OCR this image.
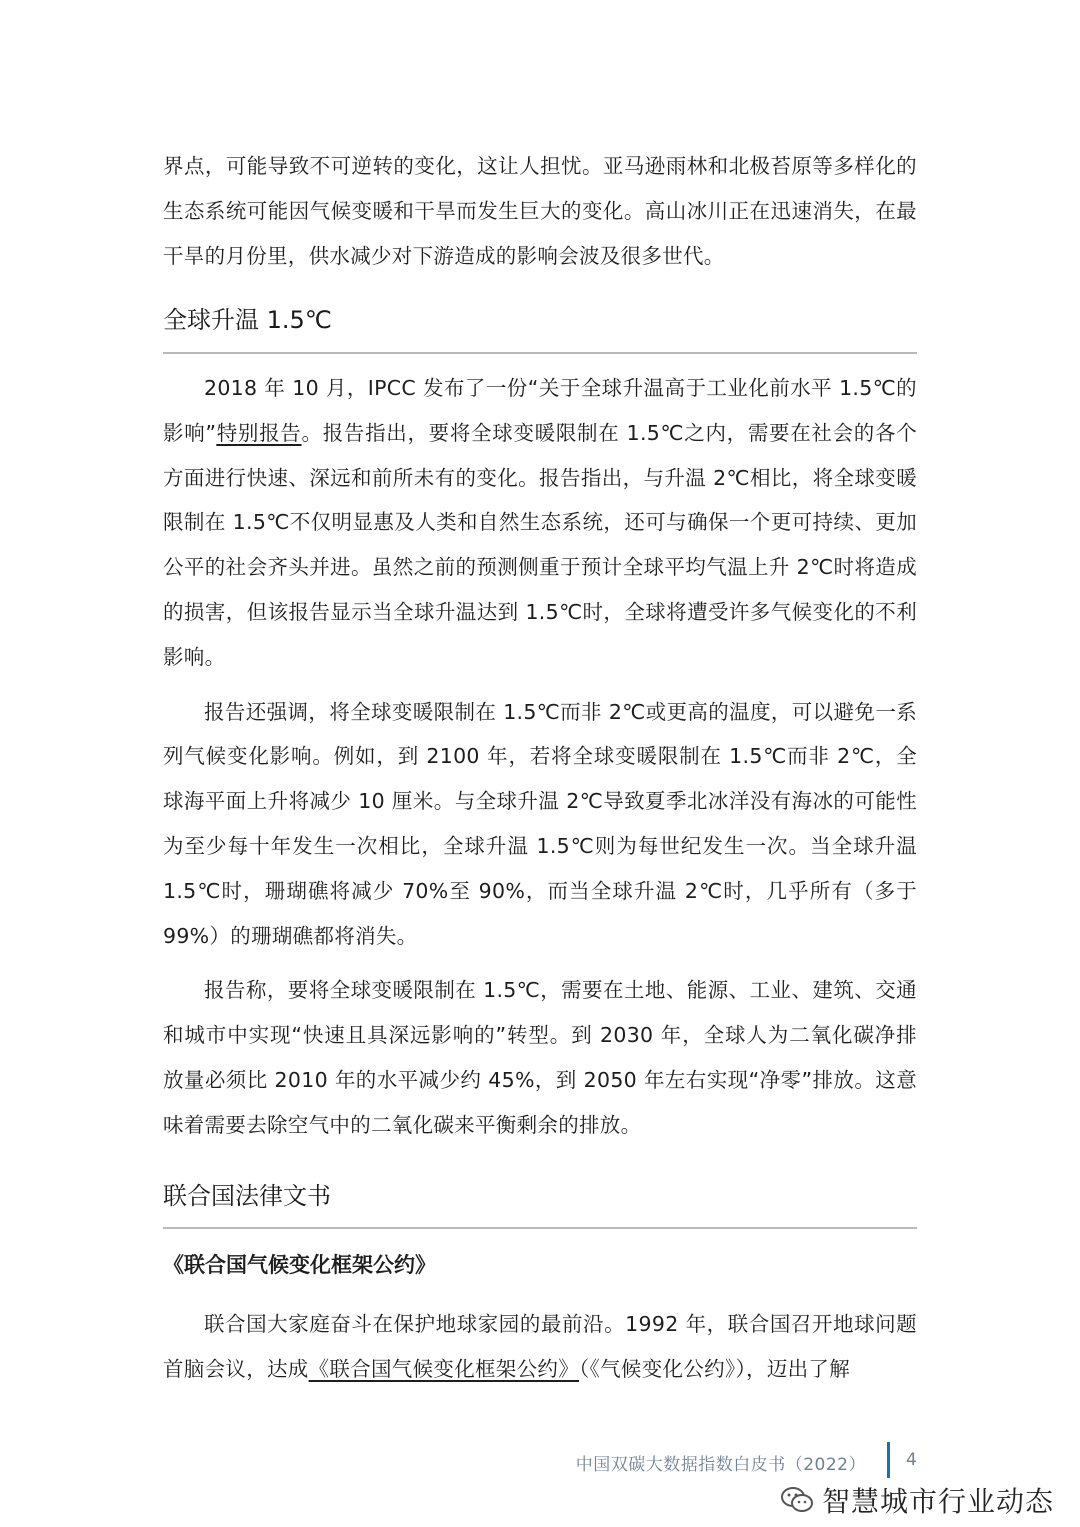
界点，可能导致不可逆转的变化，这让人担忧。亚马逊雨林和北极苔原等多样化的生态系统可能因气候变暖和干旱而发生巨大的变化。高山冰川正在迅速消失，在最干旱的月份里，供水减少对下游造成的影响会波及很多世代。

全球升温 1.5℃

2018 年 10 月，IPCC 发布了一份“关于全球升温高于工业化前水平 1.5℃的影响”特别报告。报告指出，要将全球变暖限制在 1.5℃之内，需要在社会的各个方面进行快速、深远和前所未有的变化。报告指出，与升温 2℃相比，将全球变暖限制在 1.5℃不仅明显惠及人类和自然生态系统，还可与确保一个更可持续、更加公平的社会齐头并进。虽然之前的预测侧重于预计全球平均气温上升 2℃时将造成的损害，但该报告显示当全球升温达到 1.5℃时，全球将遭受许多气候变化的不利影响。

报告还强调，将全球变暖限制在 1.5℃而非 2℃或更高的温度，可以避免一系列气候变化影响。例如，到 2100 年，若将全球变暖限制在 1.5℃而非 2℃，全球海平面上升将减少 10 厘米。与全球升温 2℃导致夏季北冰洋没有海冰的可能性为至少每十年发生一次相比，全球升温 1.5℃则为每世纪发生一次。当全球升温 1.5℃时，珊瑚礁将减少 70%至 90%，而当全球升温 2℃时，几乎所有（多于 99%）的珊瑚礁都将消失。

报告称，要将全球变暖限制在 1.5℃，需要在土地、能源、工业、建筑、交通和城市中实现“快速且具深远影响的”转型。到 2030 年，全球人为二氧化碳净排放量必须比 2010 年的水平减少约 45%，到 2050 年左右实现“净零”排放。这意味着需要去除空气中的二氧化碳来平衡剩余的排放。

联合国法律文书
《联合国气候变化框架公约》

联合国大家庭奋斗在保护地球家园的最前沿。1992 年，联合国召开地球问题首脑会议，达成《联合国气候变化框架公约》（《气候变化公约》），迈出了解

中国双碳大数据指数白皮书（2022） 4
智慧城市行业动态
